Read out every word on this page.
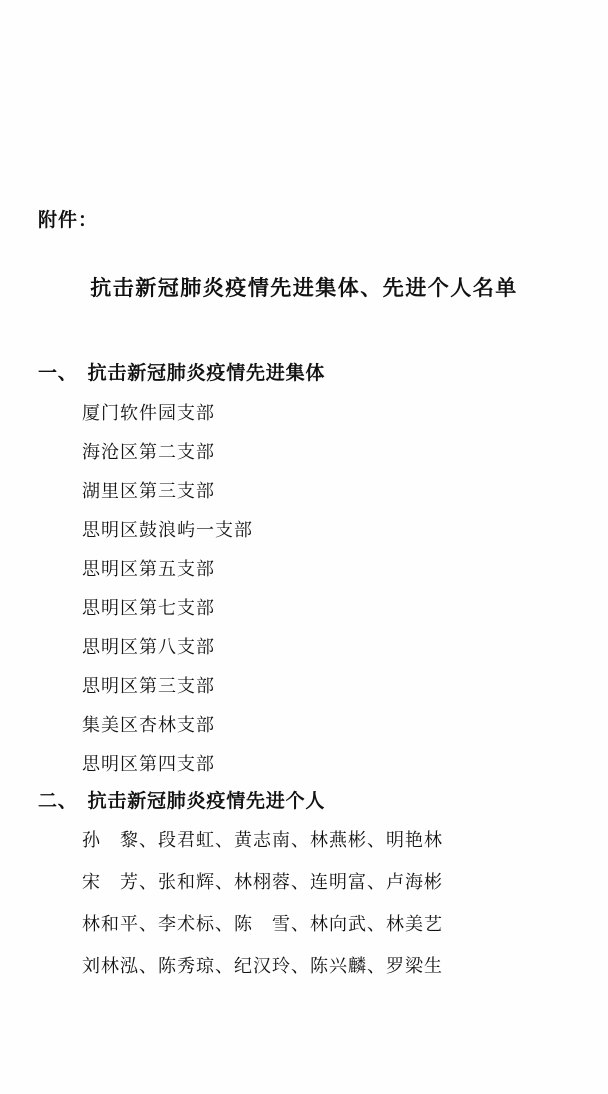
附件：
抗击新冠肺炎疫情先进集体、先进个人名单
一、 抗击新冠肺炎疫情先进集体
厦门软件园支部
海沧区第二支部
湖里区第三支部
思明区鼓浪屿一支部
思明区第五支部
思明区第七支部
思明区第八支部
思明区第三支部
集美区杏林支部
思明区第四支部
二、 抗击新冠肺炎疫情先进个人
孙　黎、段君虹、黄志南、林燕彬、明艳林
宋　芳、张和辉、林栩蓉、连明富、卢海彬
林和平、李术标、陈　雪、林向武、林美艺
刘林泓、陈秀琼、纪汉玲、陈兴麟、罗梁生
